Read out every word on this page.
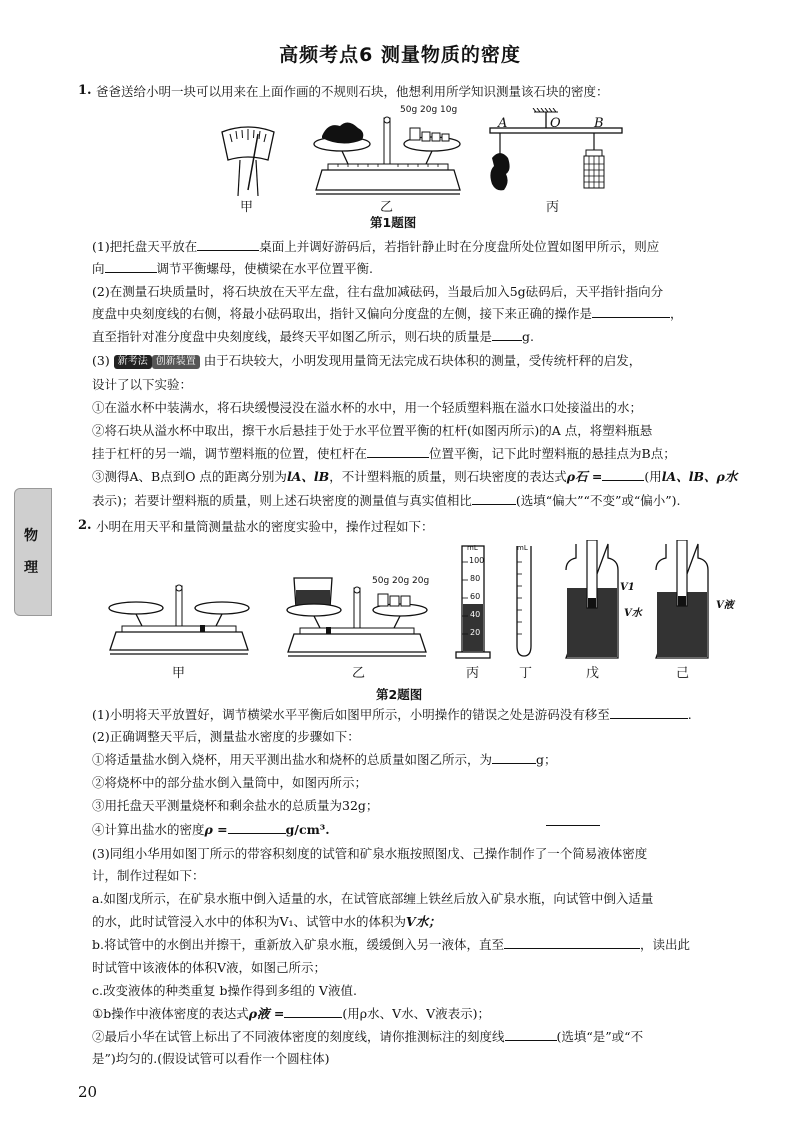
高频考点6 测量物质的密度
物
理
1. 爸爸送给小明一块可以用来在上面作画的不规则石块，他想利用所学知识测量该石块的密度：
甲
50g 20g 10g
乙
A	O	B
丙
第1题图
(1)把托盘天平放在	桌面上并调好游码后，若指针静止时在分度盘所处位置如图甲所示，则应
向	调节平衡螺母，使横梁在水平位置平衡.
(2)在测量石块质量时，将石块放在天平左盘，往右盘加减砝码，当最后加入5g砝码后，天平指针指向分
度盘中央刻度线的右侧，将最小砝码取出，指针又偏向分度盘的左侧，接下来正确的操作是	，
直至指针对准分度盘中央刻度线，最终天平如图乙所示，则石块的质量是 g.
(3) 新考法 创新装置 由于石块较大，小明发现用量筒无法完成石块体积的测量，受传统杆秤的启发，
设计了以下实验：
①在溢水杯中装满水，将石块缓慢浸没在溢水杯的水中，用一个轻质塑料瓶在溢水口处接溢出的水；
②将石块从溢水杯中取出，擦干水后悬挂于处于水平位置平衡的杠杆(如图丙所示)的A 点，将塑料瓶悬
挂于杠杆的另一端，调节塑料瓶的位置，使杠杆在	位置平衡，记下此时塑料瓶的悬挂点为B点；
③测得A、B点到O 点的距离分别为lA、lB，不计塑料瓶的质量，则石块密度的表达式ρ石 =	(用lA、lB、ρ水
表示)；若要计塑料瓶的质量，则上述石块密度的测量值与真实值相比	(选填“偏大”“不变”或“偏小”).
2. 小明在用天平和量筒测量盐水的密度实验中，操作过程如下：
甲
50g 20g 20g
乙
mL
100
80
60
40
20
丙
mL
丁
V1
V水
戊
V液
己
第2题图
(1)小明将天平放置好，调节横梁水平平衡后如图甲所示，小明操作的错误之处是游码没有移至	.
(2)正确调整天平后，测量盐水密度的步骤如下：
①将适量盐水倒入烧杯，用天平测出盐水和烧杯的总质量如图乙所示，为	g；
②将烧杯中的部分盐水倒入量筒中，如图丙所示；
③用托盘天平测量烧杯和剩余盐水的总质量为32g；
④计算出盐水的密度ρ =	g/cm³.
(3)同组小华用如图丁所示的带容积刻度的试管和矿泉水瓶按照图戊、己操作制作了一个简易液体密度
计，制作过程如下：
a.如图戊所示，在矿泉水瓶中倒入适量的水，在试管底部缠上铁丝后放入矿泉水瓶，向试管中倒入适量
的水，此时试管浸入水中的体积为V₁、试管中水的体积为V水；
b.将试管中的水倒出并擦干，重新放入矿泉水瓶，缓缓倒入另一液体，直至	，读出此
时试管中该液体的体积V液，如图己所示；
c.改变液体的种类重复 b操作得到多组的 V液值.
①b操作中液体密度的表达式ρ液 =	(用ρ水、V水、V液表示)；
②最后小华在试管上标出了不同液体密度的刻度线，请你推测标注的刻度线	(选填“是”或“不
是”)均匀的.(假设试管可以看作一个圆柱体)
20
